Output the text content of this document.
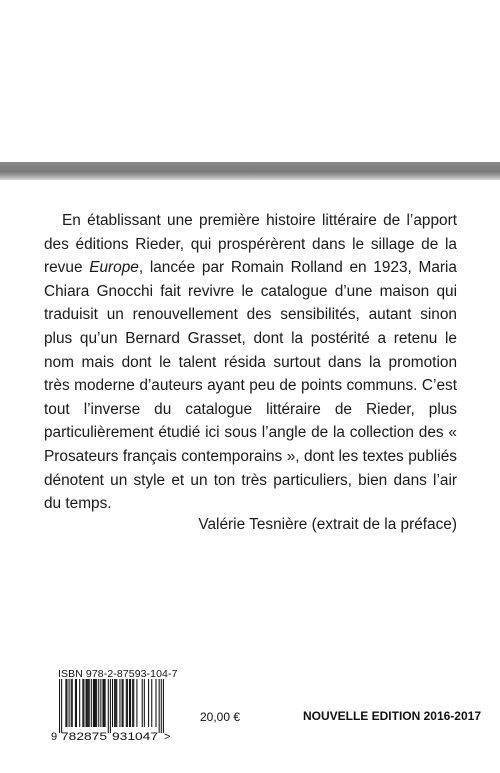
En établissant une première histoire littéraire de l’apport des éditions Rieder, qui prospérèrent dans le sillage de la revue Europe, lancée par Romain Rolland en 1923, Maria Chiara Gnocchi fait revivre le catalogue d’une maison qui traduisit un renouvellement des sensibilités, autant sinon plus qu’un Bernard Grasset, dont la postérité a retenu le nom mais dont le talent résida surtout dans la promotion très moderne d’auteurs ayant peu de points communs. C’est tout l’inverse du catalogue littéraire de Rieder, plus particulièrement étudié ici sous l’angle de la collection des « Prosateurs français contemporains », dont les textes publiés dénotent un style et un ton très particuliers, bien dans l’air du temps.

Valérie Tesnière (extrait de la préface)
9 782875 931047 >
ISBN 978-2-87593-104-7
20,00 €	NOUVELLE EDITION 2016-2017
